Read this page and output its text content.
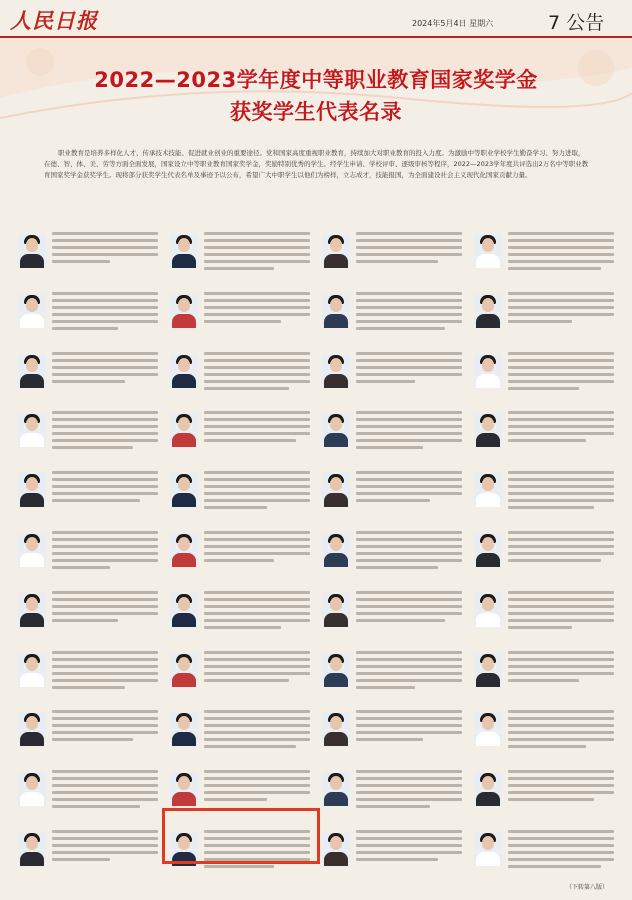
人民日报	2024年5月4日 星期六	7 公告
2022—2023学年度中等职业教育国家奖学金
获奖学生代表名录
职业教育是培养多样化人才、传承技术技能、促进就业创业的重要途径。党和国家高度重视职业教育，持续加大对职业教育的投入力度。为激励中等职业学校学生勤奋学习、努力进取，在德、智、体、美、劳等方面全面发展，国家设立中等职业教育国家奖学金，奖励特别优秀的学生。经学生申请、学校评审、逐级审核等程序，2022—2023学年度共评选出2万名中等职业教育国家奖学金获奖学生。现将部分获奖学生代表名单及事迹予以公布，希望广大中职学生以他们为榜样，立志成才，技能报国，为全面建设社会主义现代化国家贡献力量。
（下转第八版）
